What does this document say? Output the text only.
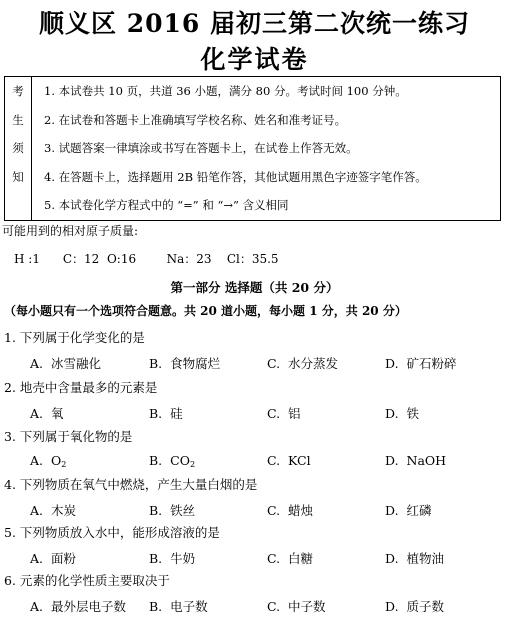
顺义区 2016 届初三第二次统一练习
化学试卷
考
生
须
知

1. 本试卷共 10 页，共道 36 小题，满分 80 分。考试时间 100 分钟。
2. 在试卷和答题卡上准确填写学校名称、姓名和准考证号。
3. 试题答案一律填涂或书写在答题卡上，在试卷上作答无效。
4. 在答题卡上，选择题用 2B 铅笔作答，其他试题用黑色字迹签字笔作答。
5. 本试卷化学方程式中的 “=” 和 “→” 含义相同
可能用到的相对原子质量:
H :1 C：12 O:16	Na：23 Cl：35.5
第一部分 选择题（共 20 分）
（每小题只有一个选项符合题意。共 20 道小题，每小题 1 分，共 20 分）
1. 下列属于化学变化的是
A. 冰雪融化	B. 食物腐烂	C. 水分蒸发	D. 矿石粉碎
2. 地壳中含量最多的元素是
A. 氧	B. 硅	C. 铝	D. 铁
3. 下列属于氧化物的是
A. $O_2$	B. $CO_2$	C. KCl	D. NaOH
4. 下列物质在氧气中燃烧，产生大量白烟的是
A. 木炭	B. 铁丝	C. 蜡烛	D. 红磷
5. 下列物质放入水中，能形成溶液的是
A. 面粉	B. 牛奶	C. 白糖	D. 植物油
6. 元素的化学性质主要取决于
A. 最外层电子数 B. 电子数	C. 中子数	D. 质子数
